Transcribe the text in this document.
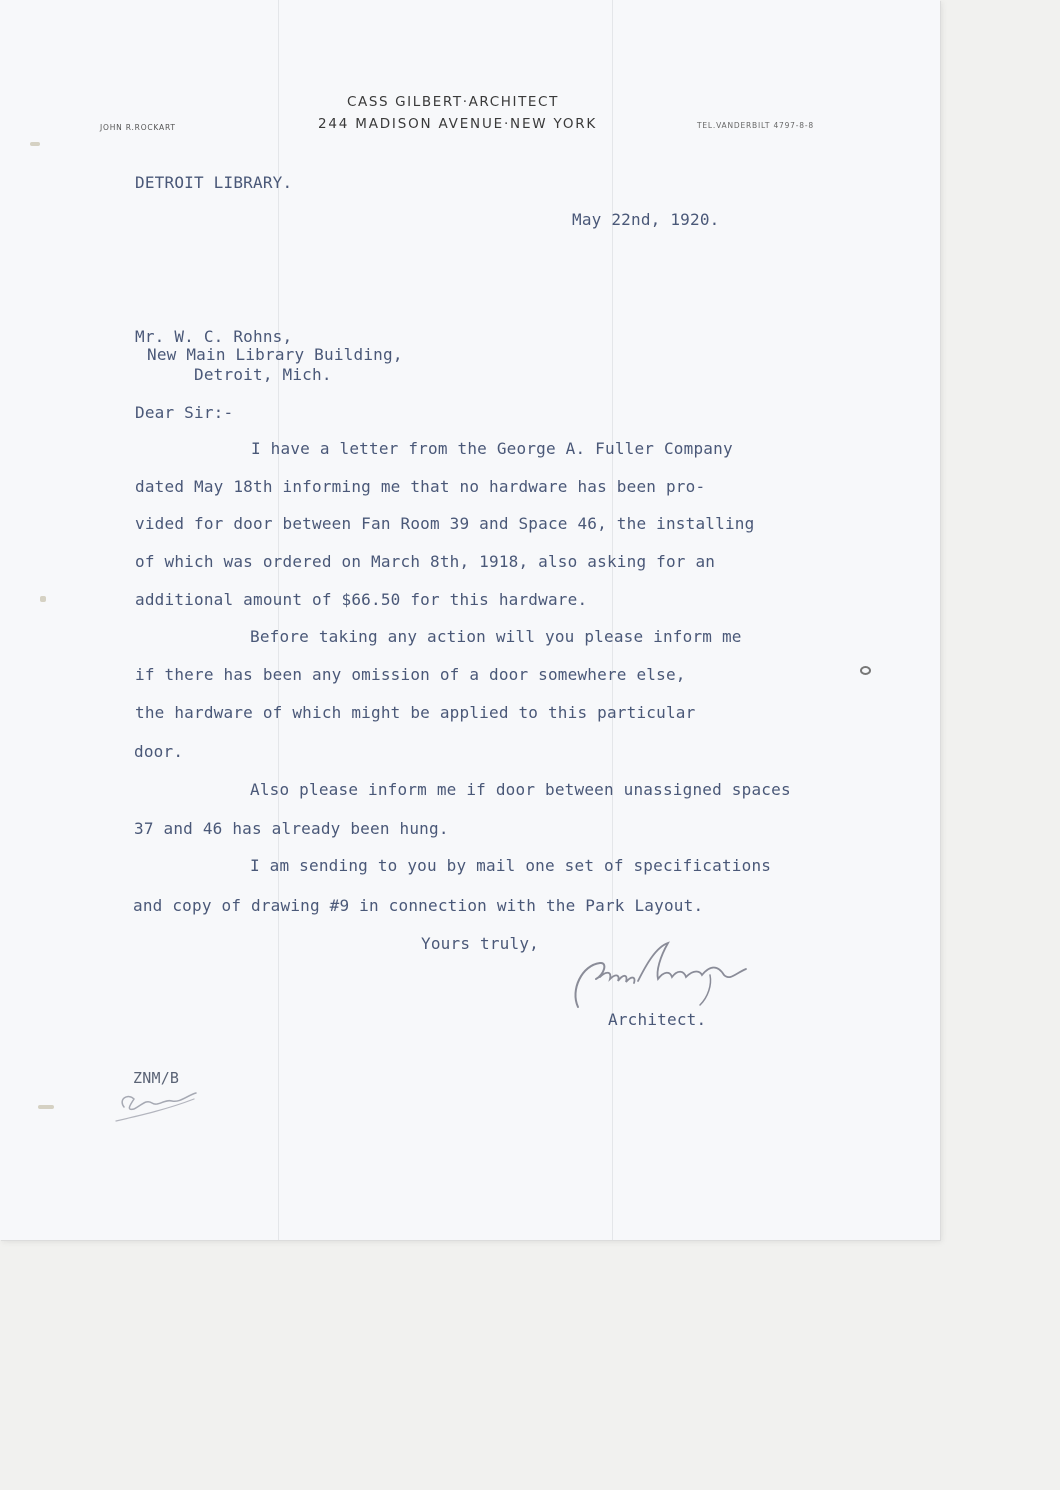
CASS GILBERT·ARCHITECT
244 MADISON AVENUE·NEW YORK
JOHN R.ROCKART	TEL.VANDERBILT 4797-8-8
DETROIT LIBRARY.
May 22nd, 1920.
Mr. W. C. Rohns,
New Main Library Building,
Detroit, Mich.
Dear Sir:-
I have a letter from the George A. Fuller Company
dated May 18th informing me that no hardware has been pro-
vided for door between Fan Room 39 and Space 46, the installing
of which was ordered on March 8th, 1918, also asking for an
additional amount of $66.50 for this hardware.
Before taking any action will you please inform me
if there has been any omission of a door somewhere else,
the hardware of which might be applied to this particular
door.
Also please inform me if door between unassigned spaces
37 and 46 has already been hung.
I am sending to you by mail one set of specifications
and copy of drawing #9 in connection with the Park Layout.
Yours truly,
Architect.
ZNM/B
